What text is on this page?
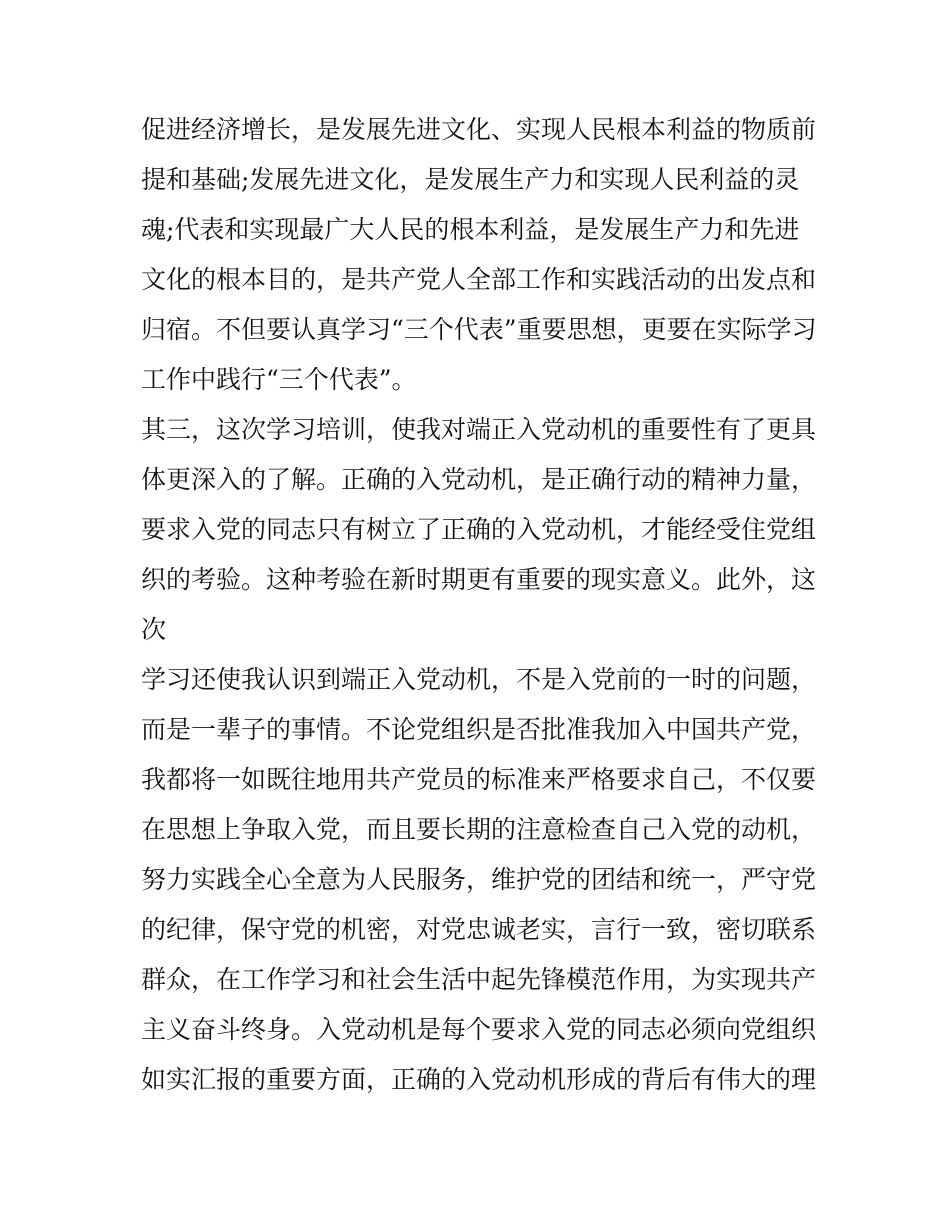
促进经济增长，是发展先进文化、实现人民根本利益的物质前
提和基础;发展先进文化，是发展生产力和实现人民利益的灵
魂;代表和实现最广大人民的根本利益，是发展生产力和先进
文化的根本目的，是共产党人全部工作和实践活动的出发点和
归宿。不但要认真学习“三个代表”重要思想，更要在实际学习
工作中践行“三个代表”。
其三，这次学习培训，使我对端正入党动机的重要性有了更具
体更深入的了解。正确的入党动机，是正确行动的精神力量，
要求入党的同志只有树立了正确的入党动机，才能经受住党组
织的考验。这种考验在新时期更有重要的现实意义。此外，这
次
学习还使我认识到端正入党动机，不是入党前的一时的问题，
而是一辈子的事情。不论党组织是否批准我加入中国共产党，
我都将一如既往地用共产党员的标准来严格要求自己，不仅要
在思想上争取入党，而且要长期的注意检查自己入党的动机，
努力实践全心全意为人民服务，维护党的团结和统一，严守党
的纪律，保守党的机密，对党忠诚老实，言行一致，密切联系
群众，在工作学习和社会生活中起先锋模范作用，为实现共产
主义奋斗终身。入党动机是每个要求入党的同志必须向党组织
如实汇报的重要方面，正确的入党动机形成的背后有伟大的理
